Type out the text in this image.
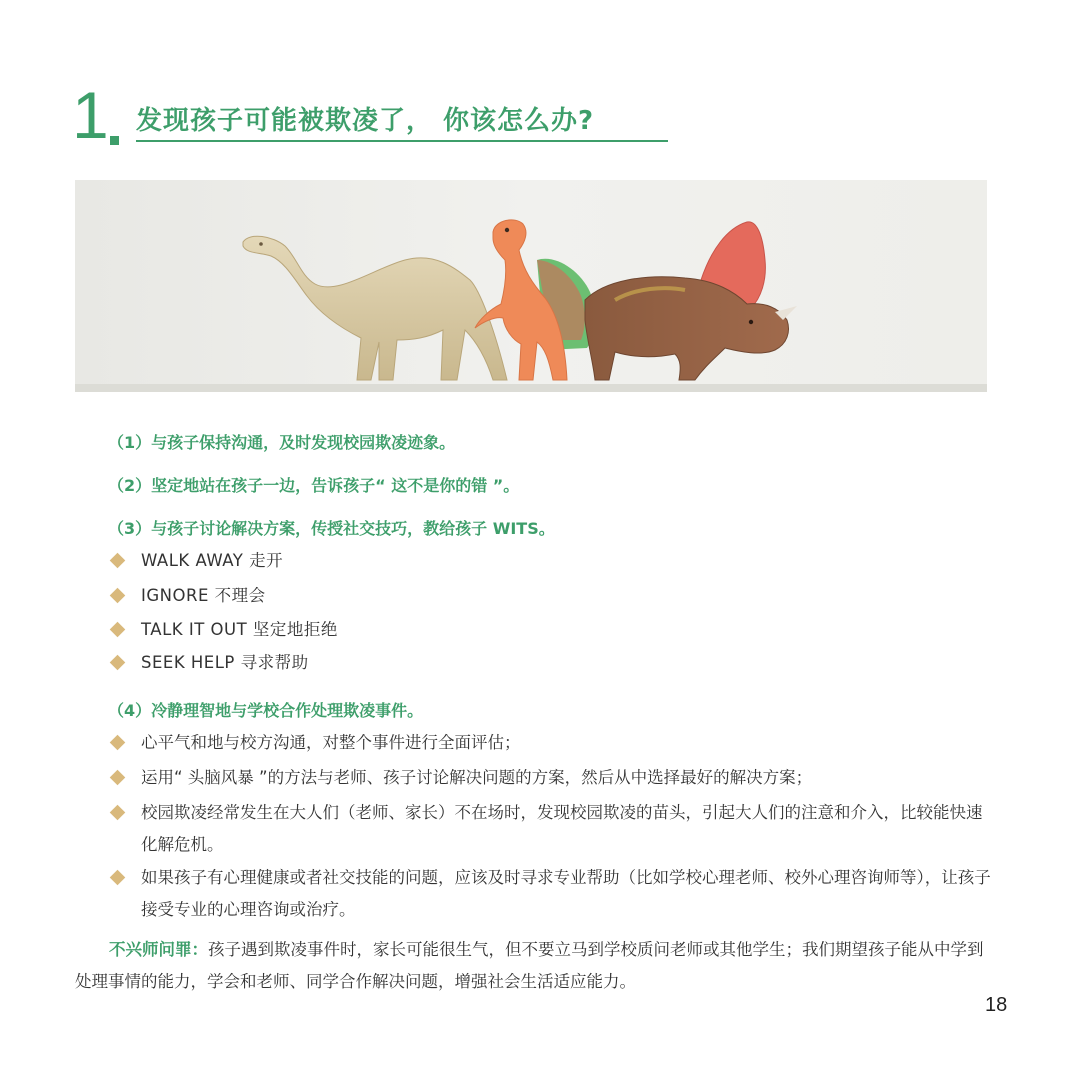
1 发现孩子可能被欺凌了， 你该怎么办?
（1）与孩子保持沟通，及时发现校园欺凌迹象。
（2）坚定地站在孩子一边，告诉孩子“ 这不是你的错 ”。
（3）与孩子讨论解决方案，传授社交技巧，教给孩子 WITS。
WALK AWAY 走开
IGNORE 不理会
TALK IT OUT 坚定地拒绝
SEEK HELP 寻求帮助
（4）冷静理智地与学校合作处理欺凌事件。
心平气和地与校方沟通，对整个事件进行全面评估；
运用“ 头脑风暴 ”的方法与老师、孩子讨论解决问题的方案，然后从中选择最好的解决方案；
校园欺凌经常发生在大人们（老师、家长）不在场时，发现校园欺凌的苗头，引起大人们的注意和介入，比较能快速化解危机。
如果孩子有心理健康或者社交技能的问题，应该及时寻求专业帮助（比如学校心理老师、校外心理咨询师等），让孩子接受专业的心理咨询或治疗。
不兴师问罪：孩子遇到欺凌事件时，家长可能很生气，但不要立马到学校质问老师或其他学生；我们期望孩子能从中学到处理事情的能力，学会和老师、同学合作解决问题，增强社会生活适应能力。
18
